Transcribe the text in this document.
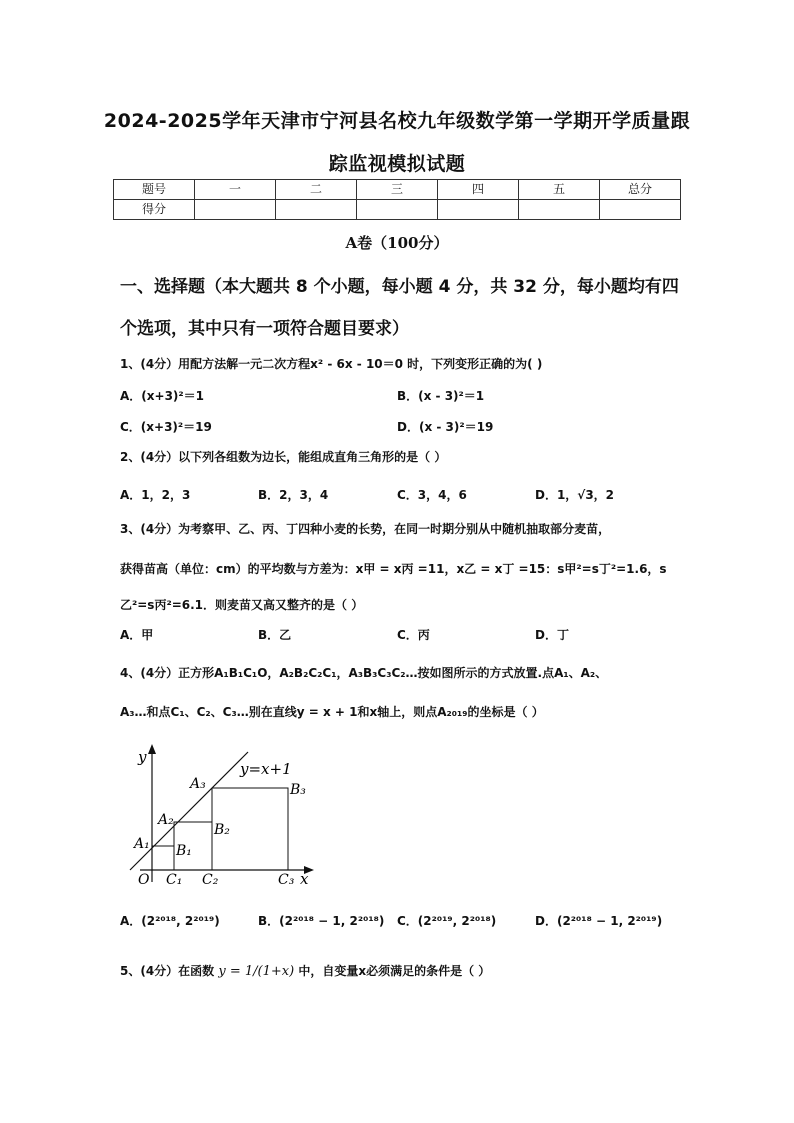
2024-2025学年天津市宁河县名校九年级数学第一学期开学质量跟
踪监视模拟试题
题号	一	二	三	四	五	总分
得分						
A卷（100分）
一、选择题（本大题共 8 个小题，每小题 4 分，共 32 分，每小题均有四个选项，其中只有一项符合题目要求）
1、(4分）用配方法解一元二次方程x² - 6x - 10＝0 时，下列变形正确的为( )
A．(x+3)²＝1	B．(x - 3)²＝1
C．(x+3)²＝19	D．(x - 3)²＝19
2、(4分）以下列各组数为边长，能组成直角三角形的是（ ）
A．1，2，3	B．2，3，4	C．3，4，6	D．1，√3，2
3、(4分）为考察甲、乙、丙、丁四种小麦的长势，在同一时期分别从中随机抽取部分麦苗，
获得苗高（单位：cm）的平均数与方差为：x甲 = x丙 =11，x乙 = x丁 =15：s甲²=s丁²=1.6，s
乙²=s丙²=6.1．则麦苗又高又整齐的是（ ）
A．甲	B．乙	C．丙	D．丁
4、(4分）正方形A₁B₁C₁O，A₂B₂C₂C₁，A₃B₃C₃C₂…按如图所示的方式放置.点A₁、A₂、
A₃…和点C₁、C₂、C₃…别在直线y = x + 1和x轴上，则点A₂₀₁₉的坐标是（ ）
y
y=x+1
A₃	B₃
A₂
B₂
A₁ B₁
O C₁ C₂	C₃ x
A．(2²⁰¹⁸, 2²⁰¹⁹)	B．(2²⁰¹⁸ − 1, 2²⁰¹⁸) C．(2²⁰¹⁹, 2²⁰¹⁸)	D．(2²⁰¹⁸ − 1, 2²⁰¹⁹)
5、(4分）在函数 y = 1/(1+x) 中，自变量x必须满足的条件是（ ）
